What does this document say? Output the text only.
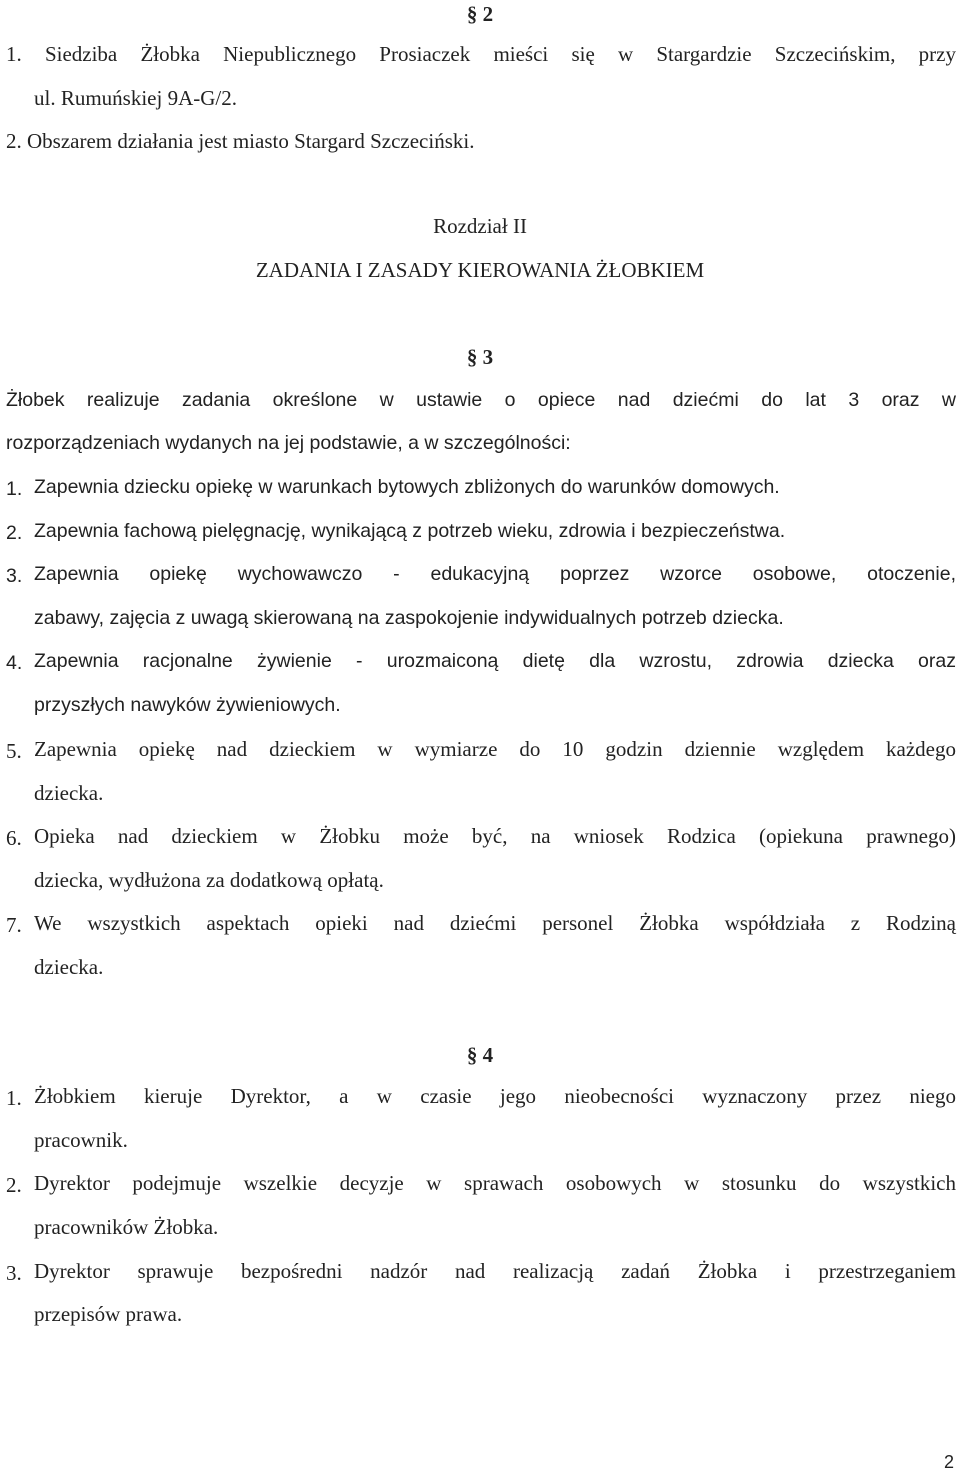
§ 2
1. Siedziba Żłobka Niepublicznego Prosiaczek mieści się w Stargardzie Szczecińskim, przy
ul. Rumuńskiej 9A-G/2.
2. Obszarem działania jest miasto Stargard Szczeciński.
Rozdział II
ZADANIA I ZASADY KIEROWANIA ŻŁOBKIEM
§ 3
Żłobek realizuje zadania określone w ustawie o opiece nad dziećmi do lat 3 oraz w
rozporządzeniach wydanych na jej podstawie, a w szczególności:
1. Zapewnia dziecku opiekę w warunkach bytowych zbliżonych do warunków domowych.
2. Zapewnia fachową pielęgnację, wynikającą z potrzeb wieku, zdrowia i bezpieczeństwa.
3. Zapewnia opiekę wychowawczo - edukacyjną poprzez wzorce osobowe, otoczenie,
zabawy, zajęcia z uwagą skierowaną na zaspokojenie indywidualnych potrzeb dziecka.
4. Zapewnia racjonalne żywienie - urozmaiconą dietę dla wzrostu, zdrowia dziecka oraz
przyszłych nawyków żywieniowych.
5. Zapewnia opiekę nad dzieckiem w wymiarze do 10 godzin dziennie względem każdego
dziecka.
6. Opieka nad dzieckiem w Żłobku może być, na wniosek Rodzica (opiekuna prawnego)
dziecka, wydłużona za dodatkową opłatą.
7. We wszystkich aspektach opieki nad dziećmi personel Żłobka współdziała z Rodziną
dziecka.
§ 4
1. Żłobkiem kieruje Dyrektor, a w czasie jego nieobecności wyznaczony przez niego
pracownik.
2. Dyrektor podejmuje wszelkie decyzje w sprawach osobowych w stosunku do wszystkich
pracowników Żłobka.
3. Dyrektor sprawuje bezpośredni nadzór nad realizacją zadań Żłobka i przestrzeganiem
przepisów prawa.
2
